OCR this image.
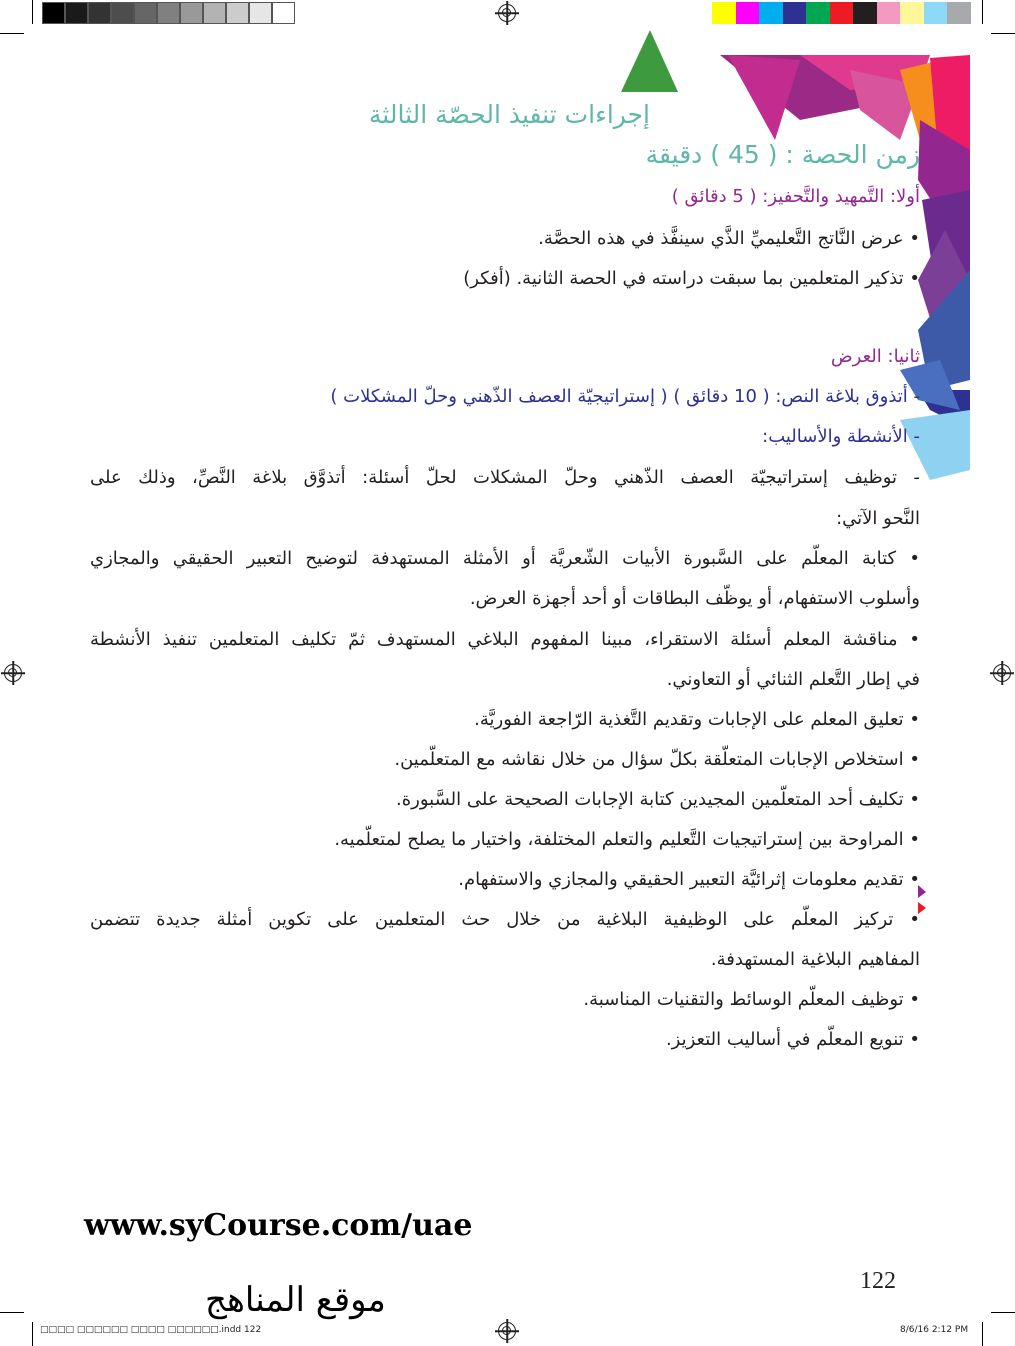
إجراءات تنفيذ الحصّة الثالثة
زمن الحصة : ( 45 ) دقيقة
أولا: التَّمهيد والتَّحفيز: ( 5 دقائق )
• عرض النَّاتج التَّعليميِّ الذَّي سينفَّذ في هذه الحصَّة.
• تذكير المتعلمين بما سبقت دراسته في الحصة الثانية. (أفكر)
ثانيا: العرض
- أتذوق بلاغة النص: ( 10 دقائق ) ( إستراتيجيّة العصف الذّهني وحلّ المشكلات )
- الأنشطة والأساليب:
- توظيف إستراتيجيّة العصف الذّهني وحلّ المشكلات لحلّ أسئلة: أتذوَّق بلاغة النَّصِّ، وذلك على
النَّحو الآتي:
• كتابة المعلّم على السَّبورة الأبيات الشّعريَّة أو الأمثلة المستهدفة لتوضيح التعبير الحقيقي والمجازي
وأسلوب الاستفهام، أو يوظّف البطاقات أو أحد أجهزة العرض.
• مناقشة المعلم أسئلة الاستقراء، مبينا المفهوم البلاغي المستهدف ثمّ تكليف المتعلمين تنفيذ الأنشطة
في إطار التَّعلم الثنائي أو التعاوني.
• تعليق المعلم على الإجابات وتقديم التَّغذية الرّاجعة الفوريَّة.
• استخلاص الإجابات المتعلّقة بكلّ سؤال من خلال نقاشه مع المتعلّمين.
• تكليف أحد المتعلّمين المجيدين كتابة الإجابات الصحيحة على السَّبورة.
• المراوحة بين إستراتيجيات التَّعليم والتعلم المختلفة، واختيار ما يصلح لمتعلّميه.
• تقديم معلومات إثرائيَّة التعبير الحقيقي والمجازي والاستفهام.
• تركيز المعلّم على الوظيفية البلاغية من خلال حث المتعلمين على تكوين أمثلة جديدة تتضمن
المفاهيم البلاغية المستهدفة.
• توظيف المعلّم الوسائط والتقنيات المناسبة.
• تنويع المعلّم في أساليب التعزيز.
www.syCourse.com/uae
122
موقع المناهج
□□□□ □□□□□□ □□□□ □□□□□□.indd 122	8/6/16 2:12 PM
